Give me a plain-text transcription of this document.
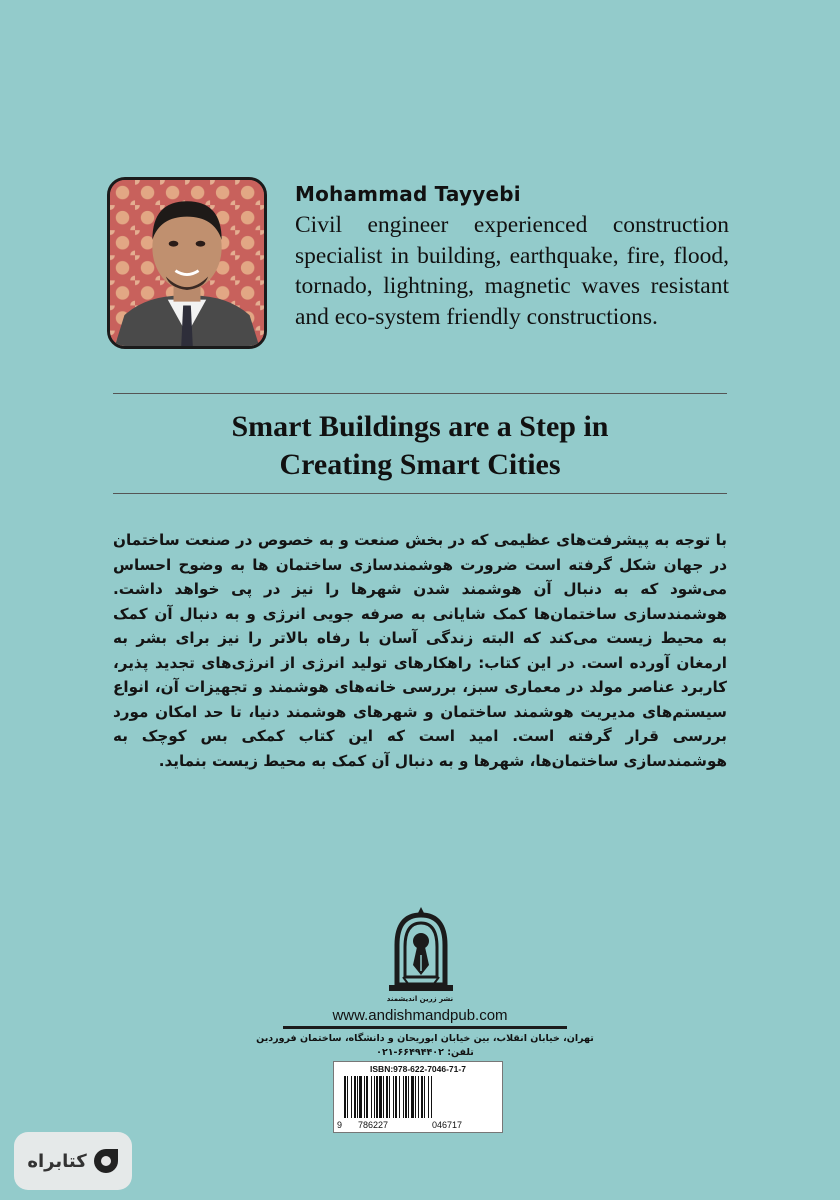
Mohammad Tayyebi
Civil engineer experienced construction specialist in building, earthquake, fire, flood, tornado, lightning, magnetic waves resistant and eco-system friendly constructions.
Smart Buildings are a Step in
Creating Smart Cities
با توجه به پیشرفت‌های عظیمی که در بخش صنعت و به خصوص در صنعت ساختمان در جهان شکل گرفته است ضرورت هوشمندسازی ساختمان ها به وضوح احساس می‌شود که به دنبال آن هوشمند شدن شهرها را نیز در پی خواهد داشت. هوشمندسازی ساختمان‌ها کمک شایانی به صرفه جویی انرژی و به دنبال آن کمک به محیط زیست می‌کند که البته زندگی آسان با رفاه بالاتر را نیز برای بشر به ارمغان آورده است. در این کتاب: راهکارهای تولید انرژی از انرژی‌های تجدید پذیر، کاربرد عناصر مولد در معماری سبز، بررسی خانه‌های هوشمند و تجهیزات آن، انواع سیستم‌های مدیریت هوشمند ساختمان و شهرهای هوشمند دنیا، تا حد امکان مورد بررسی قرار گرفته است. امید است که این کتاب کمکی بس کوچک به هوشمندسازی ساختمان‌ها، شهرها و به دنبال آن کمک به محیط زیست بنماید.
نشر زرین اندیشمند
www.andishmandpub.com
تهران، خیابان انقلاب، بین خیابان ابوریحان و دانشگاه، ساختمان فروردین
تلفن: ۶۶۴۹۴۴۰۲-۰۲۱
ISBN:978-622-7046-71-7
9 786227	046717
کتابراه
